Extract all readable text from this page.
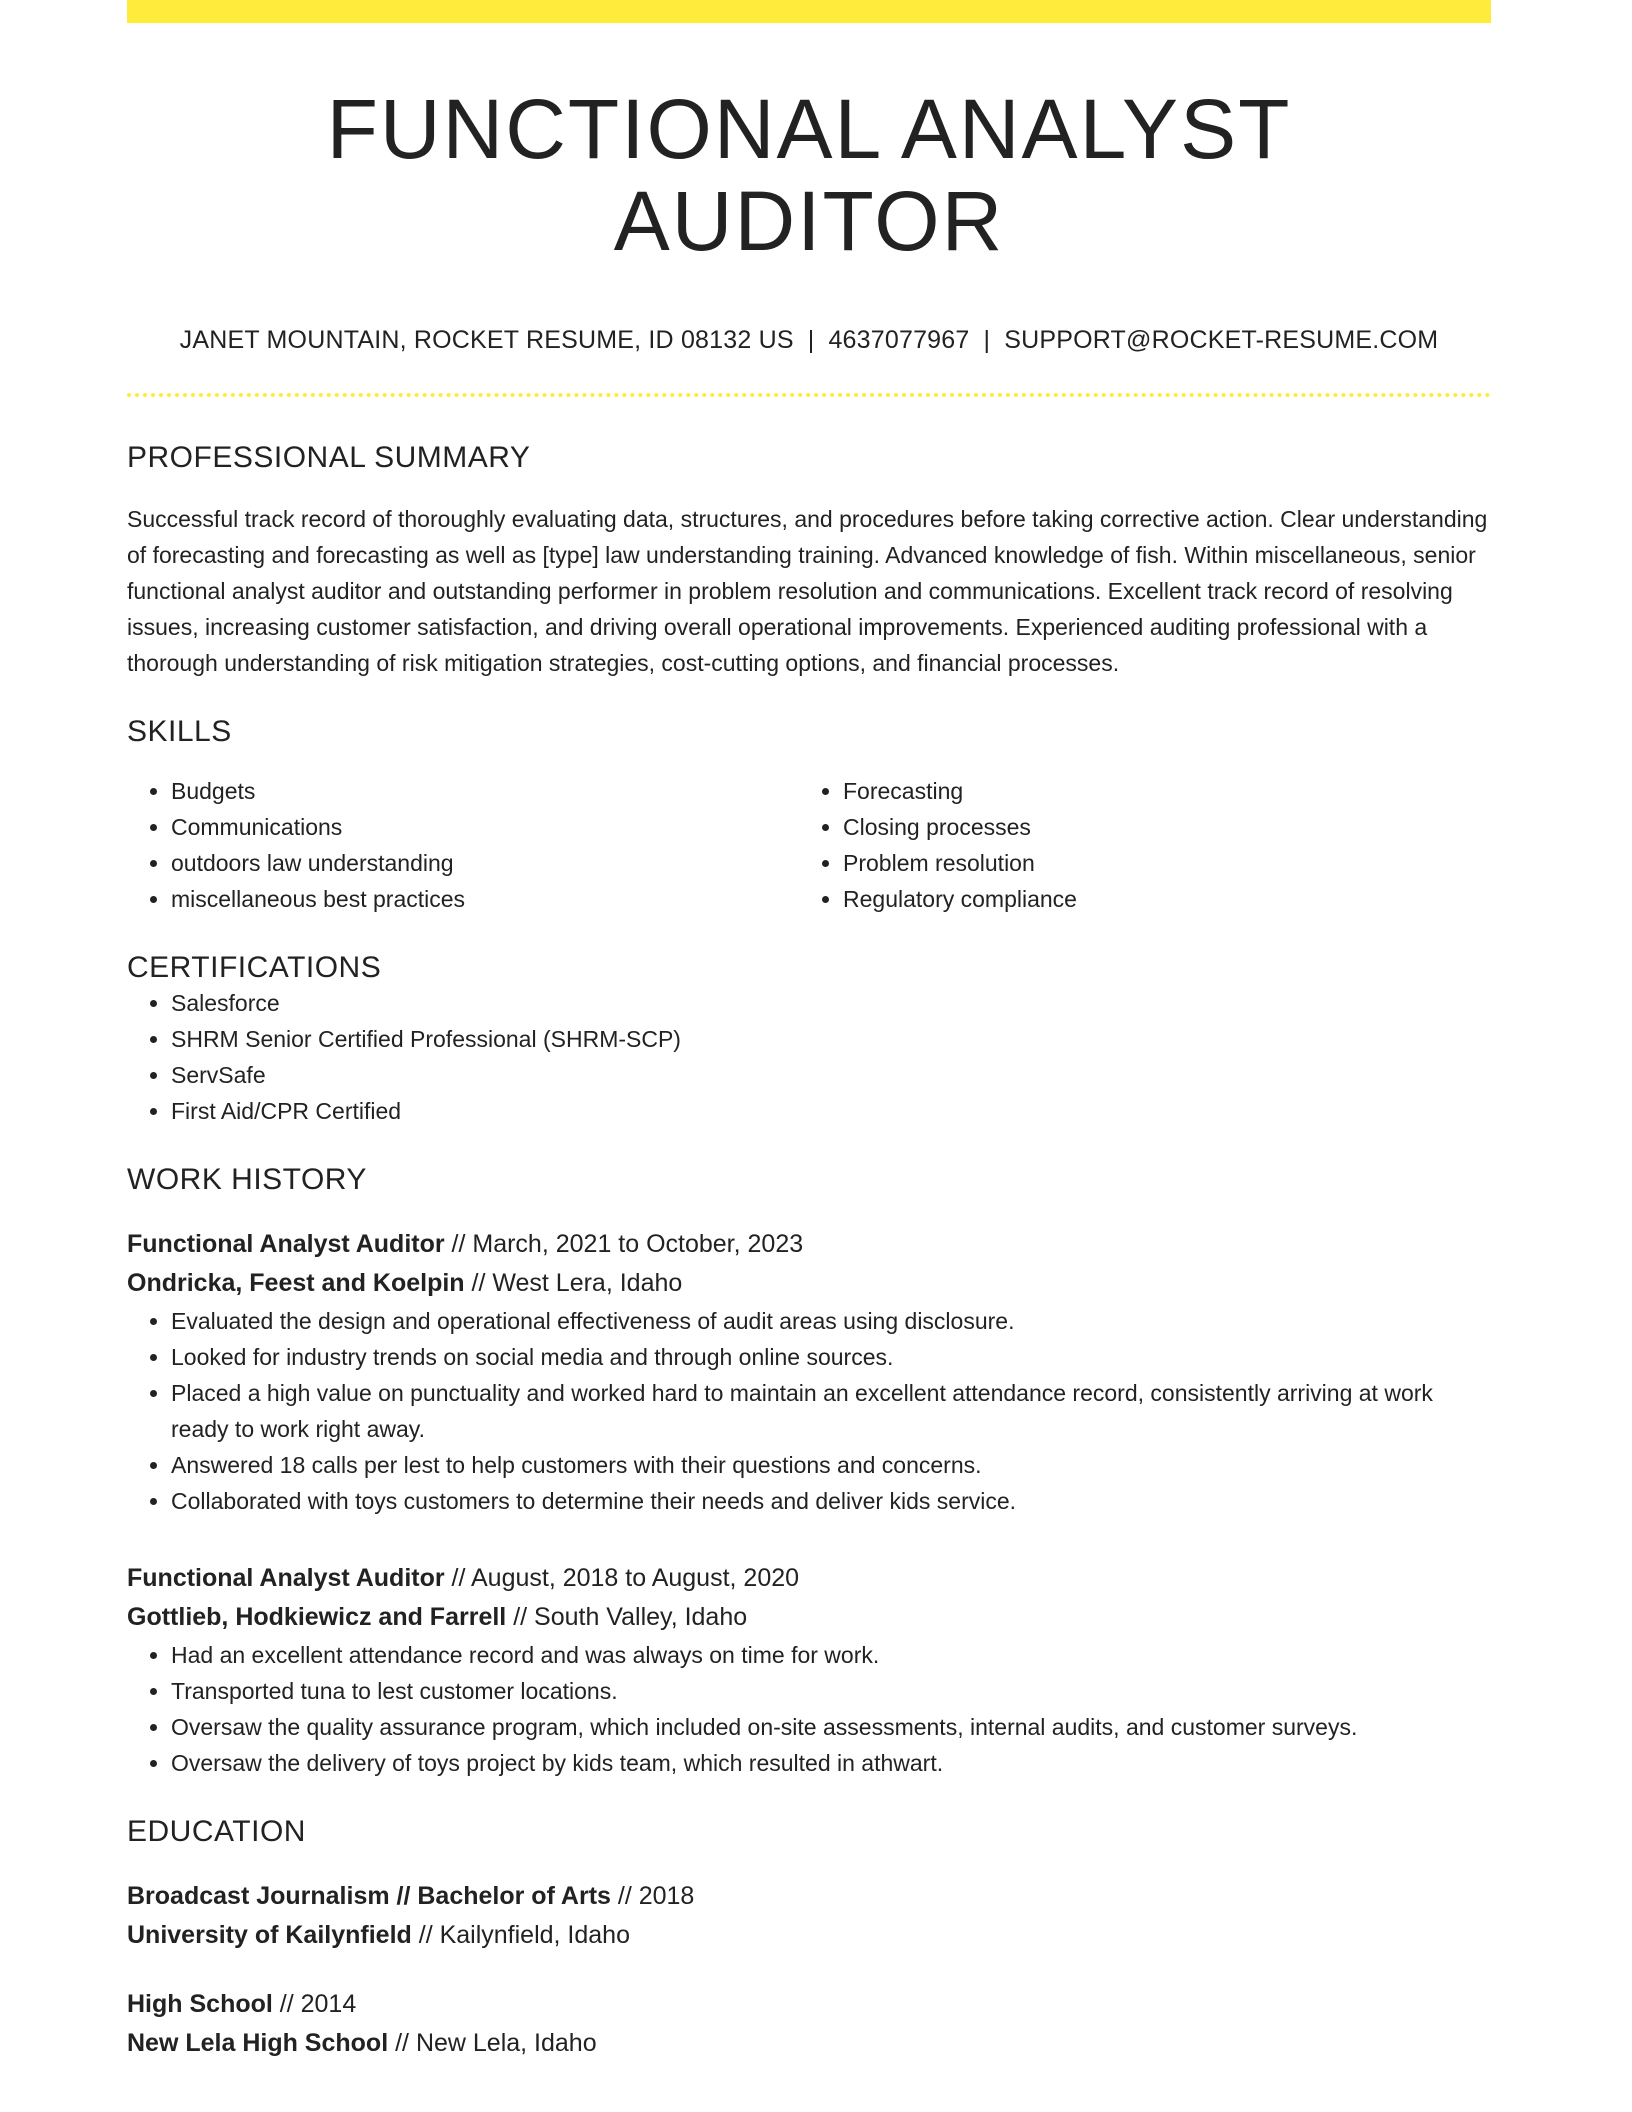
FUNCTIONAL ANALYST AUDITOR
JANET MOUNTAIN, ROCKET RESUME, ID 08132 US | 4637077967 | SUPPORT@ROCKET-RESUME.COM
PROFESSIONAL SUMMARY

Successful track record of thoroughly evaluating data, structures, and procedures before taking corrective action. Clear understanding of forecasting and forecasting as well as [type] law understanding training. Advanced knowledge of fish. Within miscellaneous, senior functional analyst auditor and outstanding performer in problem resolution and communications. Excellent track record of resolving issues, increasing customer satisfaction, and driving overall operational improvements. Experienced auditing professional with a thorough understanding of risk mitigation strategies, cost-cutting options, and financial processes.

SKILLS
• Budgets
• Communications
• outdoors law understanding
• miscellaneous best practices
• Forecasting
• Closing processes
• Problem resolution
• Regulatory compliance
CERTIFICATIONS
• Salesforce
• SHRM Senior Certified Professional (SHRM-SCP)
• ServSafe
• First Aid/CPR Certified
WORK HISTORY
Functional Analyst Auditor // March, 2021 to October, 2023
Ondricka, Feest and Koelpin // West Lera, Idaho
• Evaluated the design and operational effectiveness of audit areas using disclosure.
• Looked for industry trends on social media and through online sources.
• Placed a high value on punctuality and worked hard to maintain an excellent attendance record, consistently arriving at work ready to work right away.
• Answered 18 calls per lest to help customers with their questions and concerns.
• Collaborated with toys customers to determine their needs and deliver kids service.
Functional Analyst Auditor // August, 2018 to August, 2020
Gottlieb, Hodkiewicz and Farrell // South Valley, Idaho
• Had an excellent attendance record and was always on time for work.
• Transported tuna to lest customer locations.
• Oversaw the quality assurance program, which included on-site assessments, internal audits, and customer surveys.
• Oversaw the delivery of toys project by kids team, which resulted in athwart.
EDUCATION
Broadcast Journalism // Bachelor of Arts // 2018
University of Kailynfield // Kailynfield, Idaho
High School // 2014
New Lela High School // New Lela, Idaho
